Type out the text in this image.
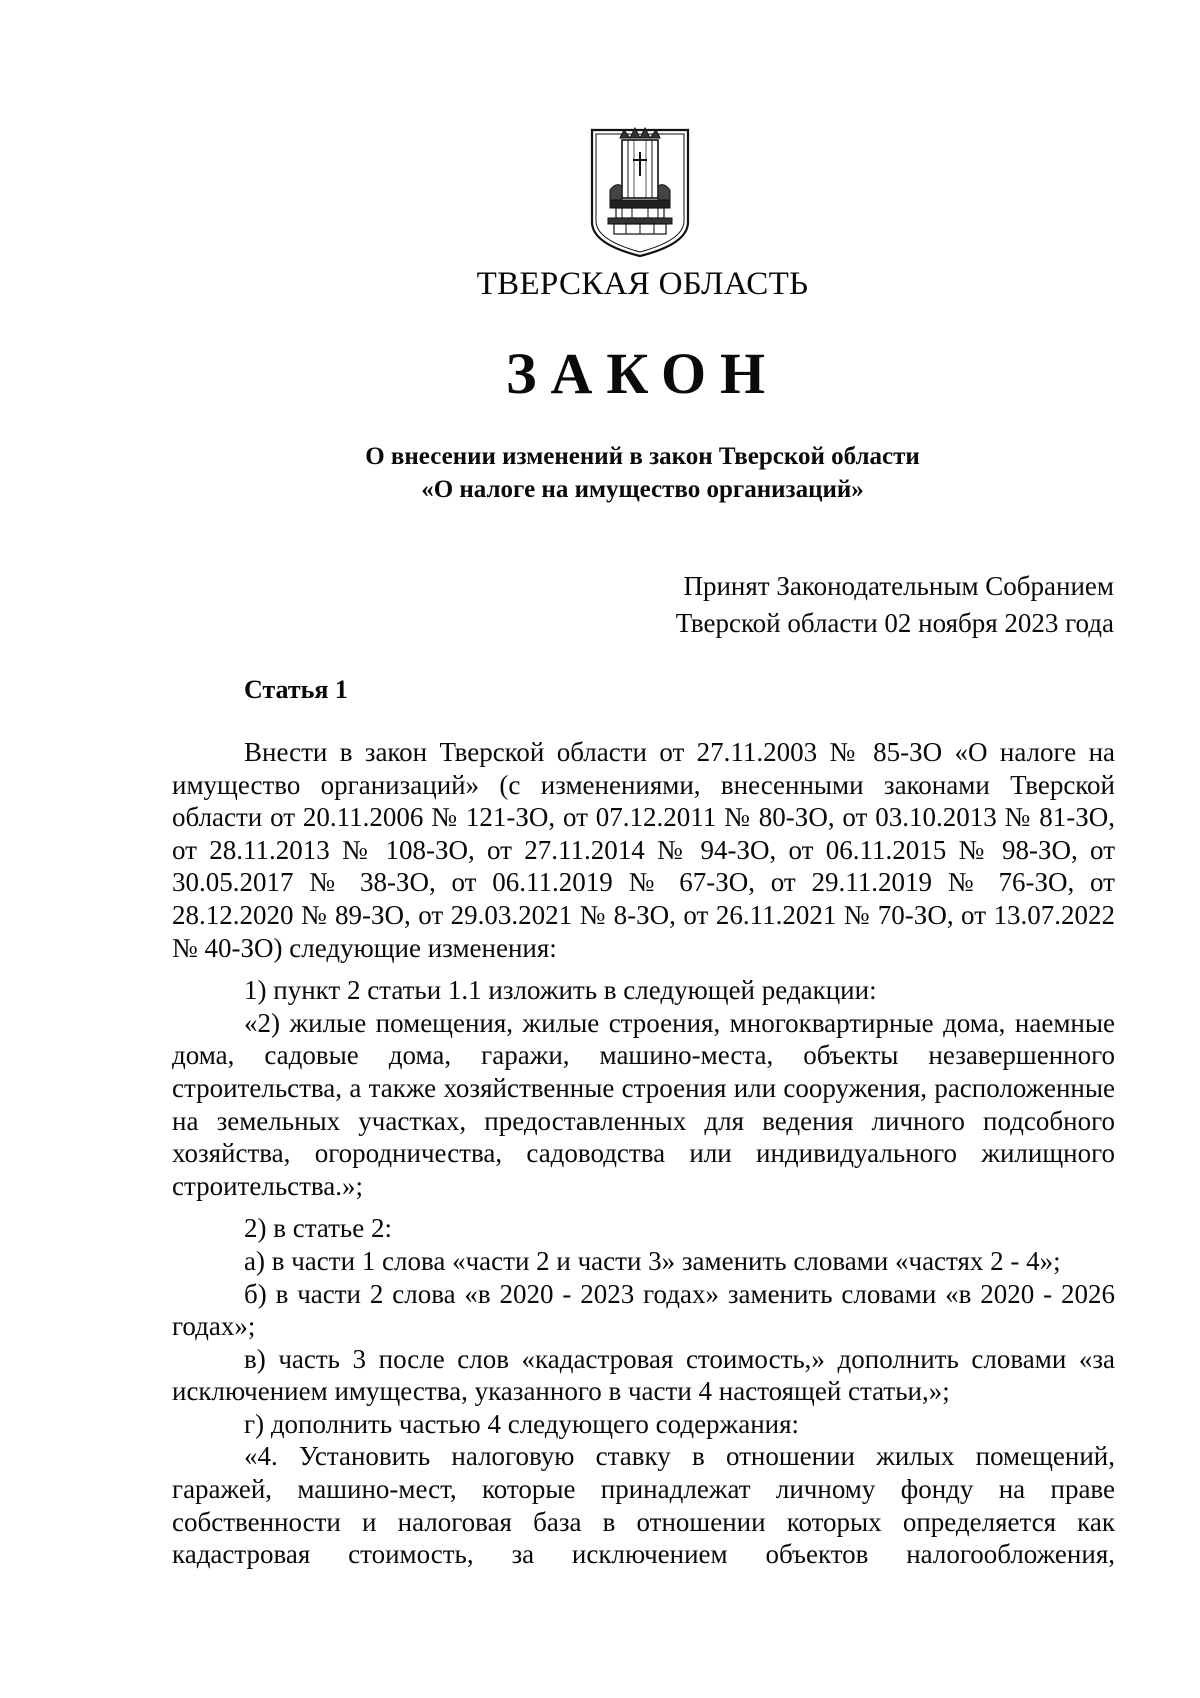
ТВЕРСКАЯ ОБЛАСТЬ
ЗАКОН
О внесении изменений в закон Тверской области
«О налоге на имущество организаций»
Принят Законодательным Собранием
Тверской области 02 ноября 2023 года
Статья 1

Внести в закон Тверской области от 27.11.2003 № 85-ЗО «О налоге на имущество организаций» (с изменениями, внесенными законами Тверской области от 20.11.2006 № 121-ЗО, от 07.12.2011 № 80-ЗО, от 03.10.2013 № 81-ЗО, от 28.11.2013 № 108-ЗО, от 27.11.2014 № 94-ЗО, от 06.11.2015 № 98-ЗО, от 30.05.2017 № 38-ЗО, от 06.11.2019 № 67-ЗО, от 29.11.2019 № 76-ЗО, от 28.12.2020 № 89-ЗО, от 29.03.2021 № 8-ЗО, от 26.11.2021 № 70-ЗО, от 13.07.2022 № 40-ЗО) следующие изменения:

1) пункт 2 статьи 1.1 изложить в следующей редакции:

«2) жилые помещения, жилые строения, многоквартирные дома, наемные дома, садовые дома, гаражи, машино-места, объекты незавершенного строительства, а также хозяйственные строения или сооружения, расположенные на земельных участках, предоставленных для ведения личного подсобного хозяйства, огородничества, садоводства или индивидуального жилищного строительства.»;

2) в статье 2:

а) в части 1 слова «части 2 и части 3» заменить словами «частях 2 - 4»;

б) в части 2 слова «в 2020 - 2023 годах» заменить словами «в 2020 - 2026 годах»;

в) часть 3 после слов «кадастровая стоимость,» дополнить словами «за исключением имущества, указанного в части 4 настоящей статьи,»;

г) дополнить частью 4 следующего содержания:

«4. Установить налоговую ставку в отношении жилых помещений, гаражей, машино-мест, которые принадлежат личному фонду на праве собственности и налоговая база в отношении которых определяется как кадастровая стоимость, за исключением объектов налогообложения,
